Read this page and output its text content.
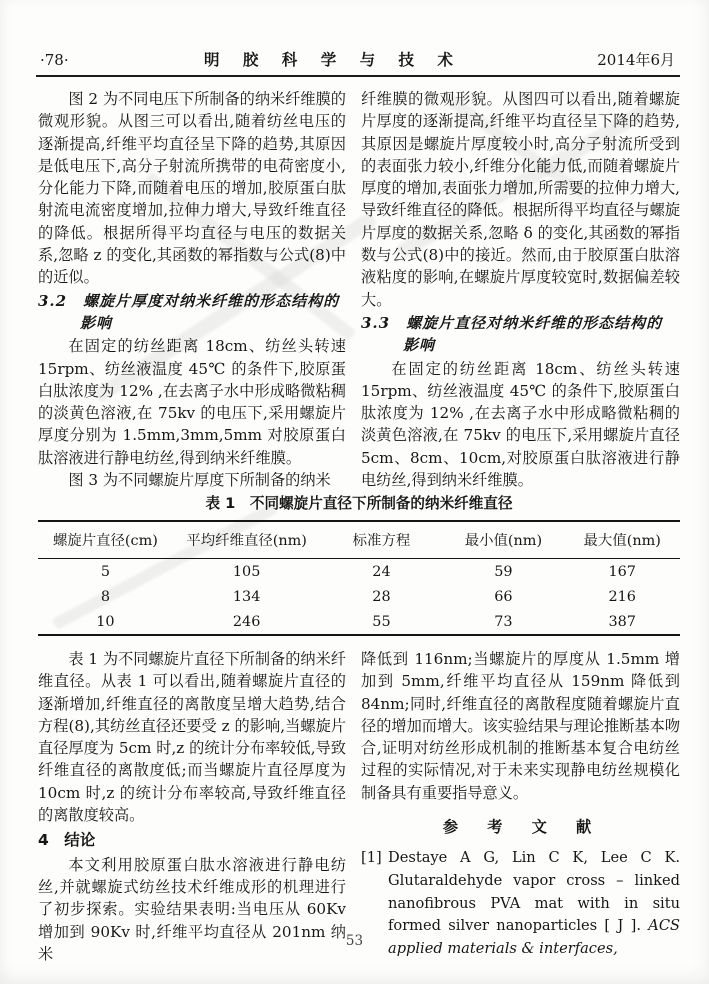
·78·	明 胶 科 学 与 技 术	2014年6月

图 2 为不同电压下所制备的纳米纤维膜的微观形貌。从图三可以看出,随着纺丝电压的逐渐提高,纤维平均直径呈下降的趋势,其原因是低电压下,高分子射流所携带的电荷密度小,分化能力下降,而随着电压的增加,胶原蛋白肽射流电流密度增加,拉伸力增大,导致纤维直径的降低。根据所得平均直径与电压的数据关系,忽略 z 的变化,其函数的幂指数与公式(8)中的近似。

3.2　螺旋片厚度对纳米纤维的形态结构的
影响

在固定的纺丝距离 18cm、纺丝头转速 15rpm、纺丝液温度 45℃ 的条件下,胶原蛋白肽浓度为 12% ,在去离子水中形成略微粘稠的淡黄色溶液,在 75kv 的电压下,采用螺旋片厚度分别为 1.5mm,3mm,5mm 对胶原蛋白肽溶液进行静电纺丝,得到纳米纤维膜。

图 3 为不同螺旋片厚度下所制备的纳米

纤维膜的微观形貌。从图四可以看出,随着螺旋片厚度的逐渐提高,纤维平均直径呈下降的趋势,其原因是螺旋片厚度较小时,高分子射流所受到的表面张力较小,纤维分化能力低,而随着螺旋片厚度的增加,表面张力增加,所需要的拉伸力增大,导致纤维直径的降低。根据所得平均直径与螺旋片厚度的数据关系,忽略 δ 的变化,其函数的幂指数与公式(8)中的接近。然而,由于胶原蛋白肽溶液粘度的影响,在螺旋片厚度较宽时,数据偏差较大。

3.3　螺旋片直径对纳米纤维的形态结构的
影响

在固定的纺丝距离 18cm、纺丝头转速 15rpm、纺丝液温度 45℃ 的条件下,胶原蛋白肽浓度为 12% ,在去离子水中形成略微粘稠的淡黄色溶液,在 75kv 的电压下,采用螺旋片直径 5cm、8cm、10cm,对胶原蛋白肽溶液进行静电纺丝,得到纳米纤维膜。

表 1　不同螺旋片直径下所制备的纳米纤维直径
螺旋片直径(cm)	平均纤维直径(nm)	标准方程	最小值(nm)	最大值(nm)
5	105	24	59	167
8	134	28	66	216
10	246	55	73	387

表 1 为不同螺旋片直径下所制备的纳米纤维直径。从表 1 可以看出,随着螺旋片直径的逐渐增加,纤维直径的离散度呈增大趋势,结合方程(8),其纺丝直径还要受 z 的影响,当螺旋片直径厚度为 5cm 时,z 的统计分布率较低,导致纤维直径的离散度低;而当螺旋片直径厚度为 10cm 时,z 的统计分布率较高,导致纤维直径的离散度较高。

4　结论

本文利用胶原蛋白肽水溶液进行静电纺丝,并就螺旋式纺丝技术纤维成形的机理进行了初步探索。实验结果表明:当电压从 60Kv 增加到 90Kv 时,纤维平均直径从 201nm 纳米

降低到 116nm;当螺旋片的厚度从 1.5mm 增加到 5mm,纤维平均直径从 159nm 降低到 84nm;同时,纤维直径的离散程度随着螺旋片直径的增加而增大。该实验结果与理论推断基本吻合,证明对纺丝形成机制的推断基本复合电纺丝过程的实际情况,对于未来实现静电纺丝规模化制备具有重要指导意义。

参　考　文　献
[1] Destaye A G, Lin C K, Lee C K. Glutaraldehyde vapor cross – linked nanofibrous PVA mat with in situ formed silver nanoparticles [ J ]. ACS applied materials & interfaces,
53
